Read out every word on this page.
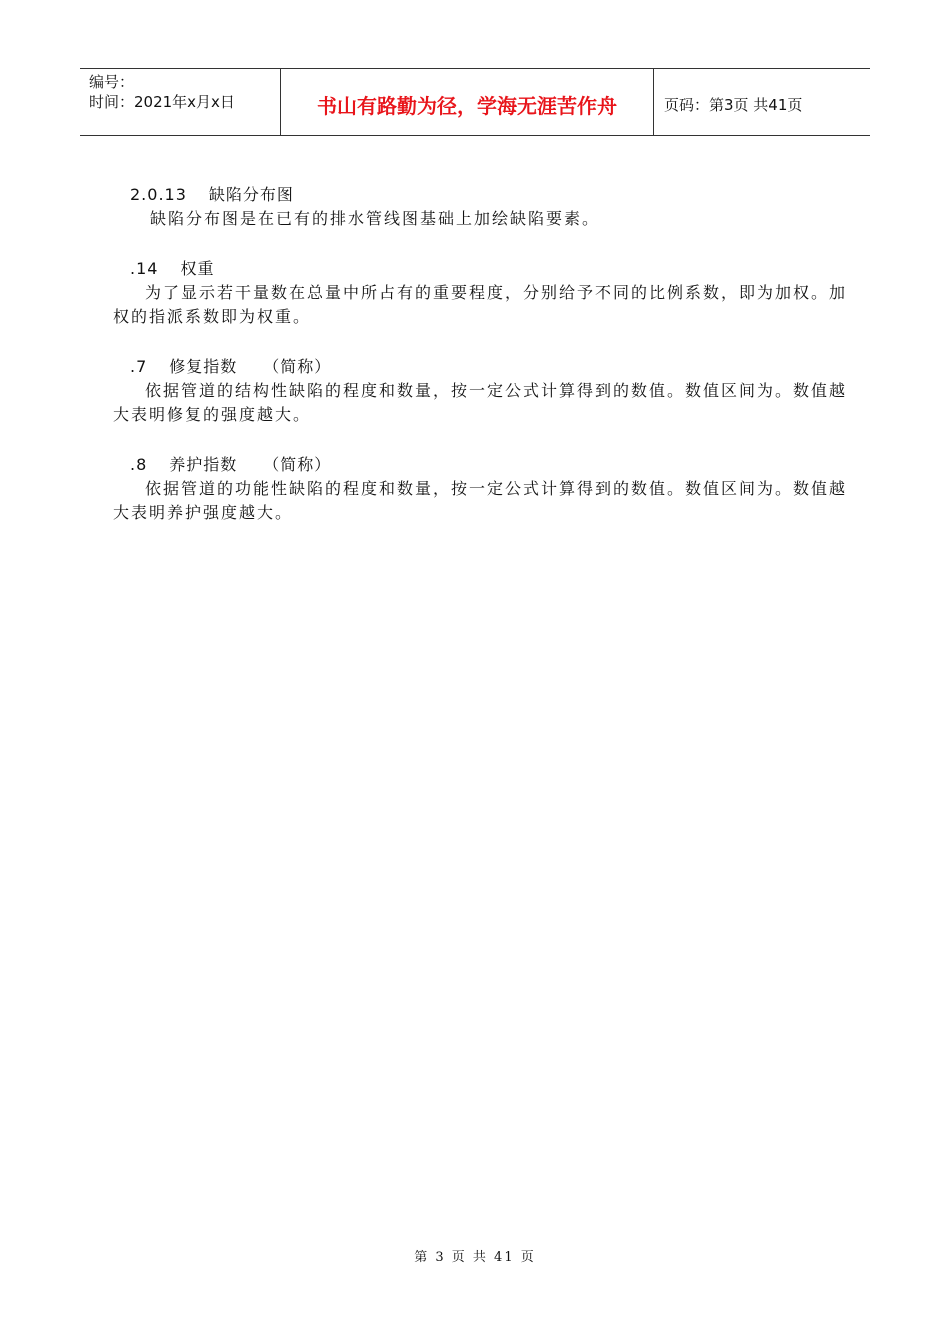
编号：
时间：2021年x月x日	书山有路勤为径，学海无涯苦作舟	页码：第3页 共41页
2.0.13 缺陷分布图

缺陷分布图是在已有的排水管线图基础上加绘缺陷要素。

.14 权重

为了显示若干量数在总量中所占有的重要程度，分别给予不同的比例系数，即为加权。加权的指派系数即为权重。

.7 修复指数 （简称）

依据管道的结构性缺陷的程度和数量，按一定公式计算得到的数值。数值区间为。数值越大表明修复的强度越大。

.8 养护指数 （简称）

依据管道的功能性缺陷的程度和数量，按一定公式计算得到的数值。数值区间为。数值越大表明养护强度越大。

第 3 页 共 41 页
